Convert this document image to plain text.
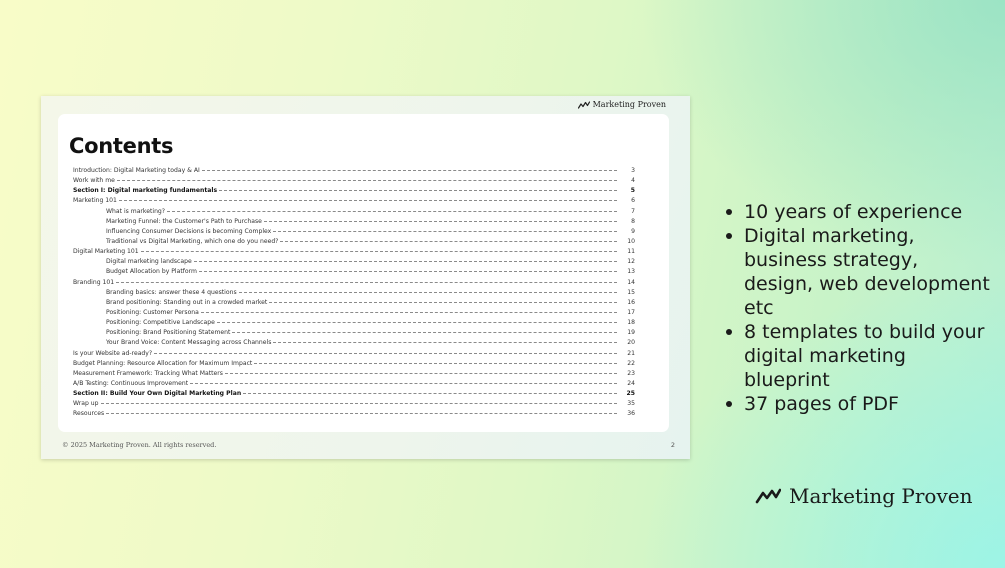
Marketing Proven
Contents
Introduction: Digital Marketing today & AI	3
Work with me	4
Section I: Digital marketing fundamentals	5
Marketing 101	6
What is marketing?	7
Marketing Funnel: the Customer's Path to Purchase	8
Influencing Consumer Decisions is becoming Complex	9
Traditional vs Digital Marketing, which one do you need?	10
Digital Marketing 101	11
Digital marketing landscape	12
Budget Allocation by Platform	13
Branding 101	14
Branding basics: answer these 4 questions	15
Brand positioning: Standing out in a crowded market	16
Positioning: Customer Persona	17
Positioning: Competitive Landscape	18
Positioning: Brand Positioning Statement	19
Your Brand Voice: Content Messaging across Channels	20
Is your Website ad-ready?	21
Budget Planning: Resource Allocation for Maximum Impact	22
Measurement Framework: Tracking What Matters	23
A/B Testing: Continuous Improvement	24
Section II: Build Your Own Digital Marketing Plan	25
Wrap up	35
Resources	36
© 2025 Marketing Proven. All rights reserved.	2
10 years of experience
Digital marketing, business strategy, design, web development etc
8 templates to build your digital marketing blueprint
37 pages of PDF
Marketing Proven
